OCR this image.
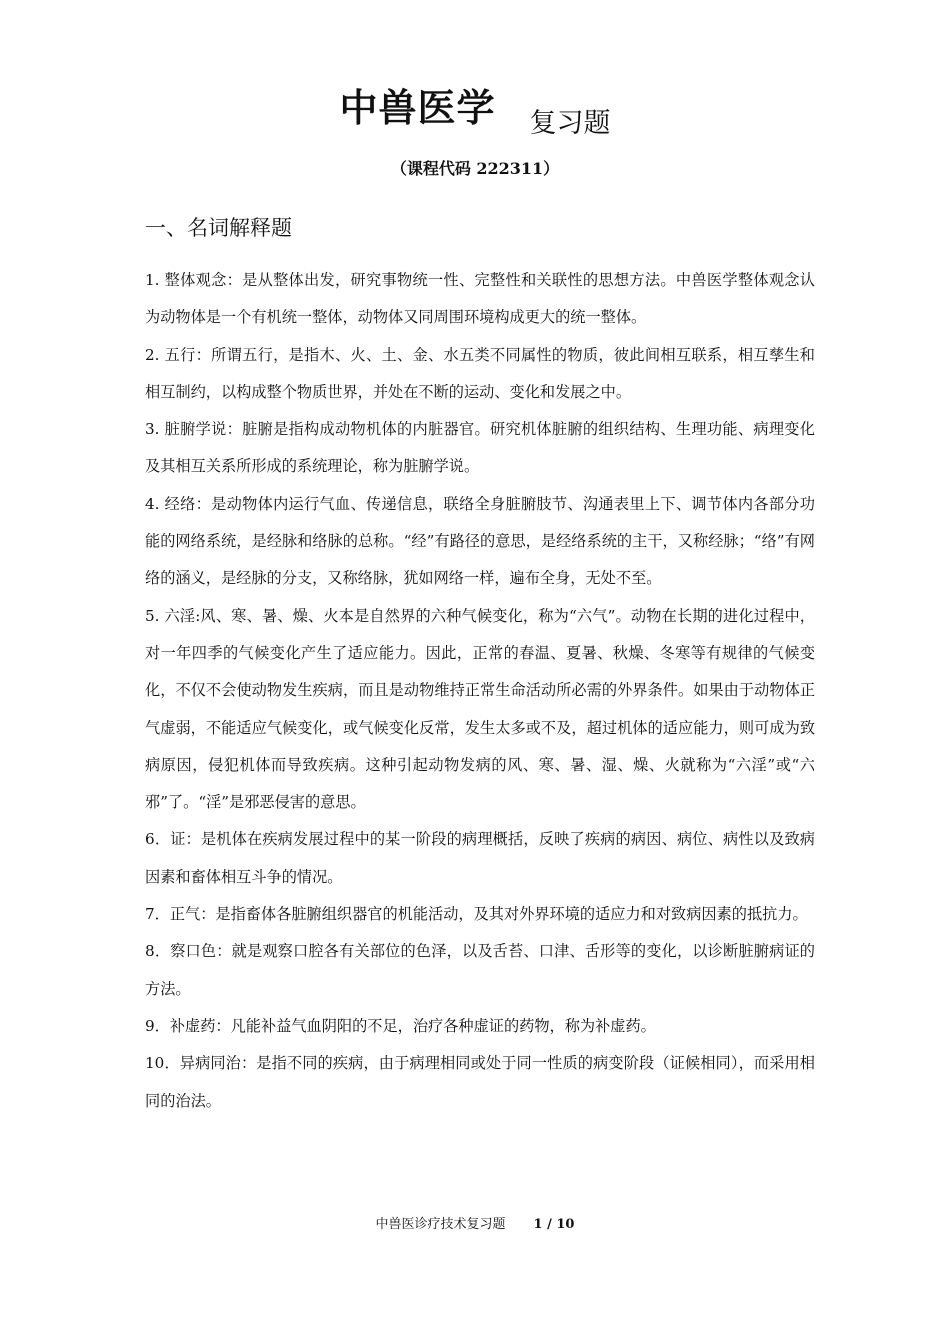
中兽医学 复习题
（课程代码 222311）
一、名词解释题

1. 整体观念：是从整体出发，研究事物统一性、完整性和关联性的思想方法。中兽医学整体观念认为动物体是一个有机统一整体，动物体又同周围环境构成更大的统一整体。

2. 五行：所谓五行，是指木、火、土、金、水五类不同属性的物质，彼此间相互联系，相互孳生和相互制约，以构成整个物质世界，并处在不断的运动、变化和发展之中。

3. 脏腑学说：脏腑是指构成动物机体的内脏器官。研究机体脏腑的组织结构、生理功能、病理变化及其相互关系所形成的系统理论，称为脏腑学说。

4. 经络：是动物体内运行气血、传递信息，联络全身脏腑肢节、沟通表里上下、调节体内各部分功能的网络系统，是经脉和络脉的总称。“经”有路径的意思，是经络系统的主干，又称经脉；“络”有网络的涵义，是经脉的分支，又称络脉，犹如网络一样，遍布全身，无处不至。

5. 六淫:风、寒、暑、燥、火本是自然界的六种气候变化，称为“六气”。动物在长期的进化过程中，对一年四季的气候变化产生了适应能力。因此，正常的春温、夏暑、秋燥、冬寒等有规律的气候变化，不仅不会使动物发生疾病，而且是动物维持正常生命活动所必需的外界条件。如果由于动物体正气虚弱，不能适应气候变化，或气候变化反常，发生太多或不及，超过机体的适应能力，则可成为致病原因，侵犯机体而导致疾病。这种引起动物发病的风、寒、暑、湿、燥、火就称为“六淫”或“六邪”了。“淫”是邪恶侵害的意思。

6．证：是机体在疾病发展过程中的某一阶段的病理概括，反映了疾病的病因、病位、病性以及致病因素和畜体相互斗争的情况。

7．正气：是指畜体各脏腑组织器官的机能活动，及其对外界环境的适应力和对致病因素的抵抗力。

8．察口色：就是观察口腔各有关部位的色泽，以及舌苔、口津、舌形等的变化，以诊断脏腑病证的方法。

9．补虚药：凡能补益气血阴阳的不足，治疗各种虚证的药物，称为补虚药。

10．异病同治：是指不同的疾病，由于病理相同或处于同一性质的病变阶段（证候相同），而采用相同的治法。

中兽医诊疗技术复习题 1 / 10
